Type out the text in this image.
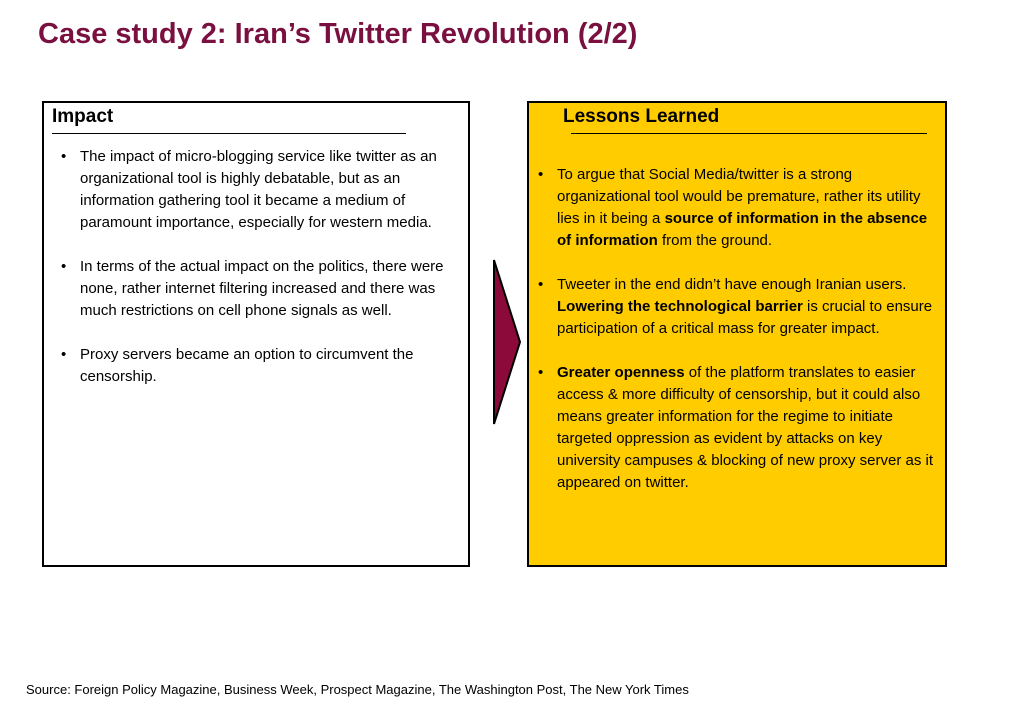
Case study 2: Iran’s Twitter Revolution (2/2)
Impact
• The impact of micro-blogging service like twitter as an organizational tool is highly debatable, but as an information gathering tool it became a medium of paramount importance, especially for western media.
• In terms of the actual impact on the politics, there were none, rather internet filtering increased and there was much restrictions on cell phone signals as well.
• Proxy servers became an option to circumvent the censorship.
Lessons Learned
• To argue that Social Media/twitter is a strong organizational tool would be premature, rather its utility lies in it being a source of information in the absence of information from the ground.
• Tweeter in the end didn’t have enough Iranian users. Lowering the technological barrier is crucial to ensure participation of a critical mass for greater impact.
• Greater openness of the platform translates to easier access & more difficulty of censorship, but it could also means greater information for the regime to initiate targeted oppression as evident by attacks on key university campuses & blocking of new proxy server as it appeared on twitter.
Source: Foreign Policy Magazine, Business Week, Prospect Magazine, The Washington Post, The New York Times
